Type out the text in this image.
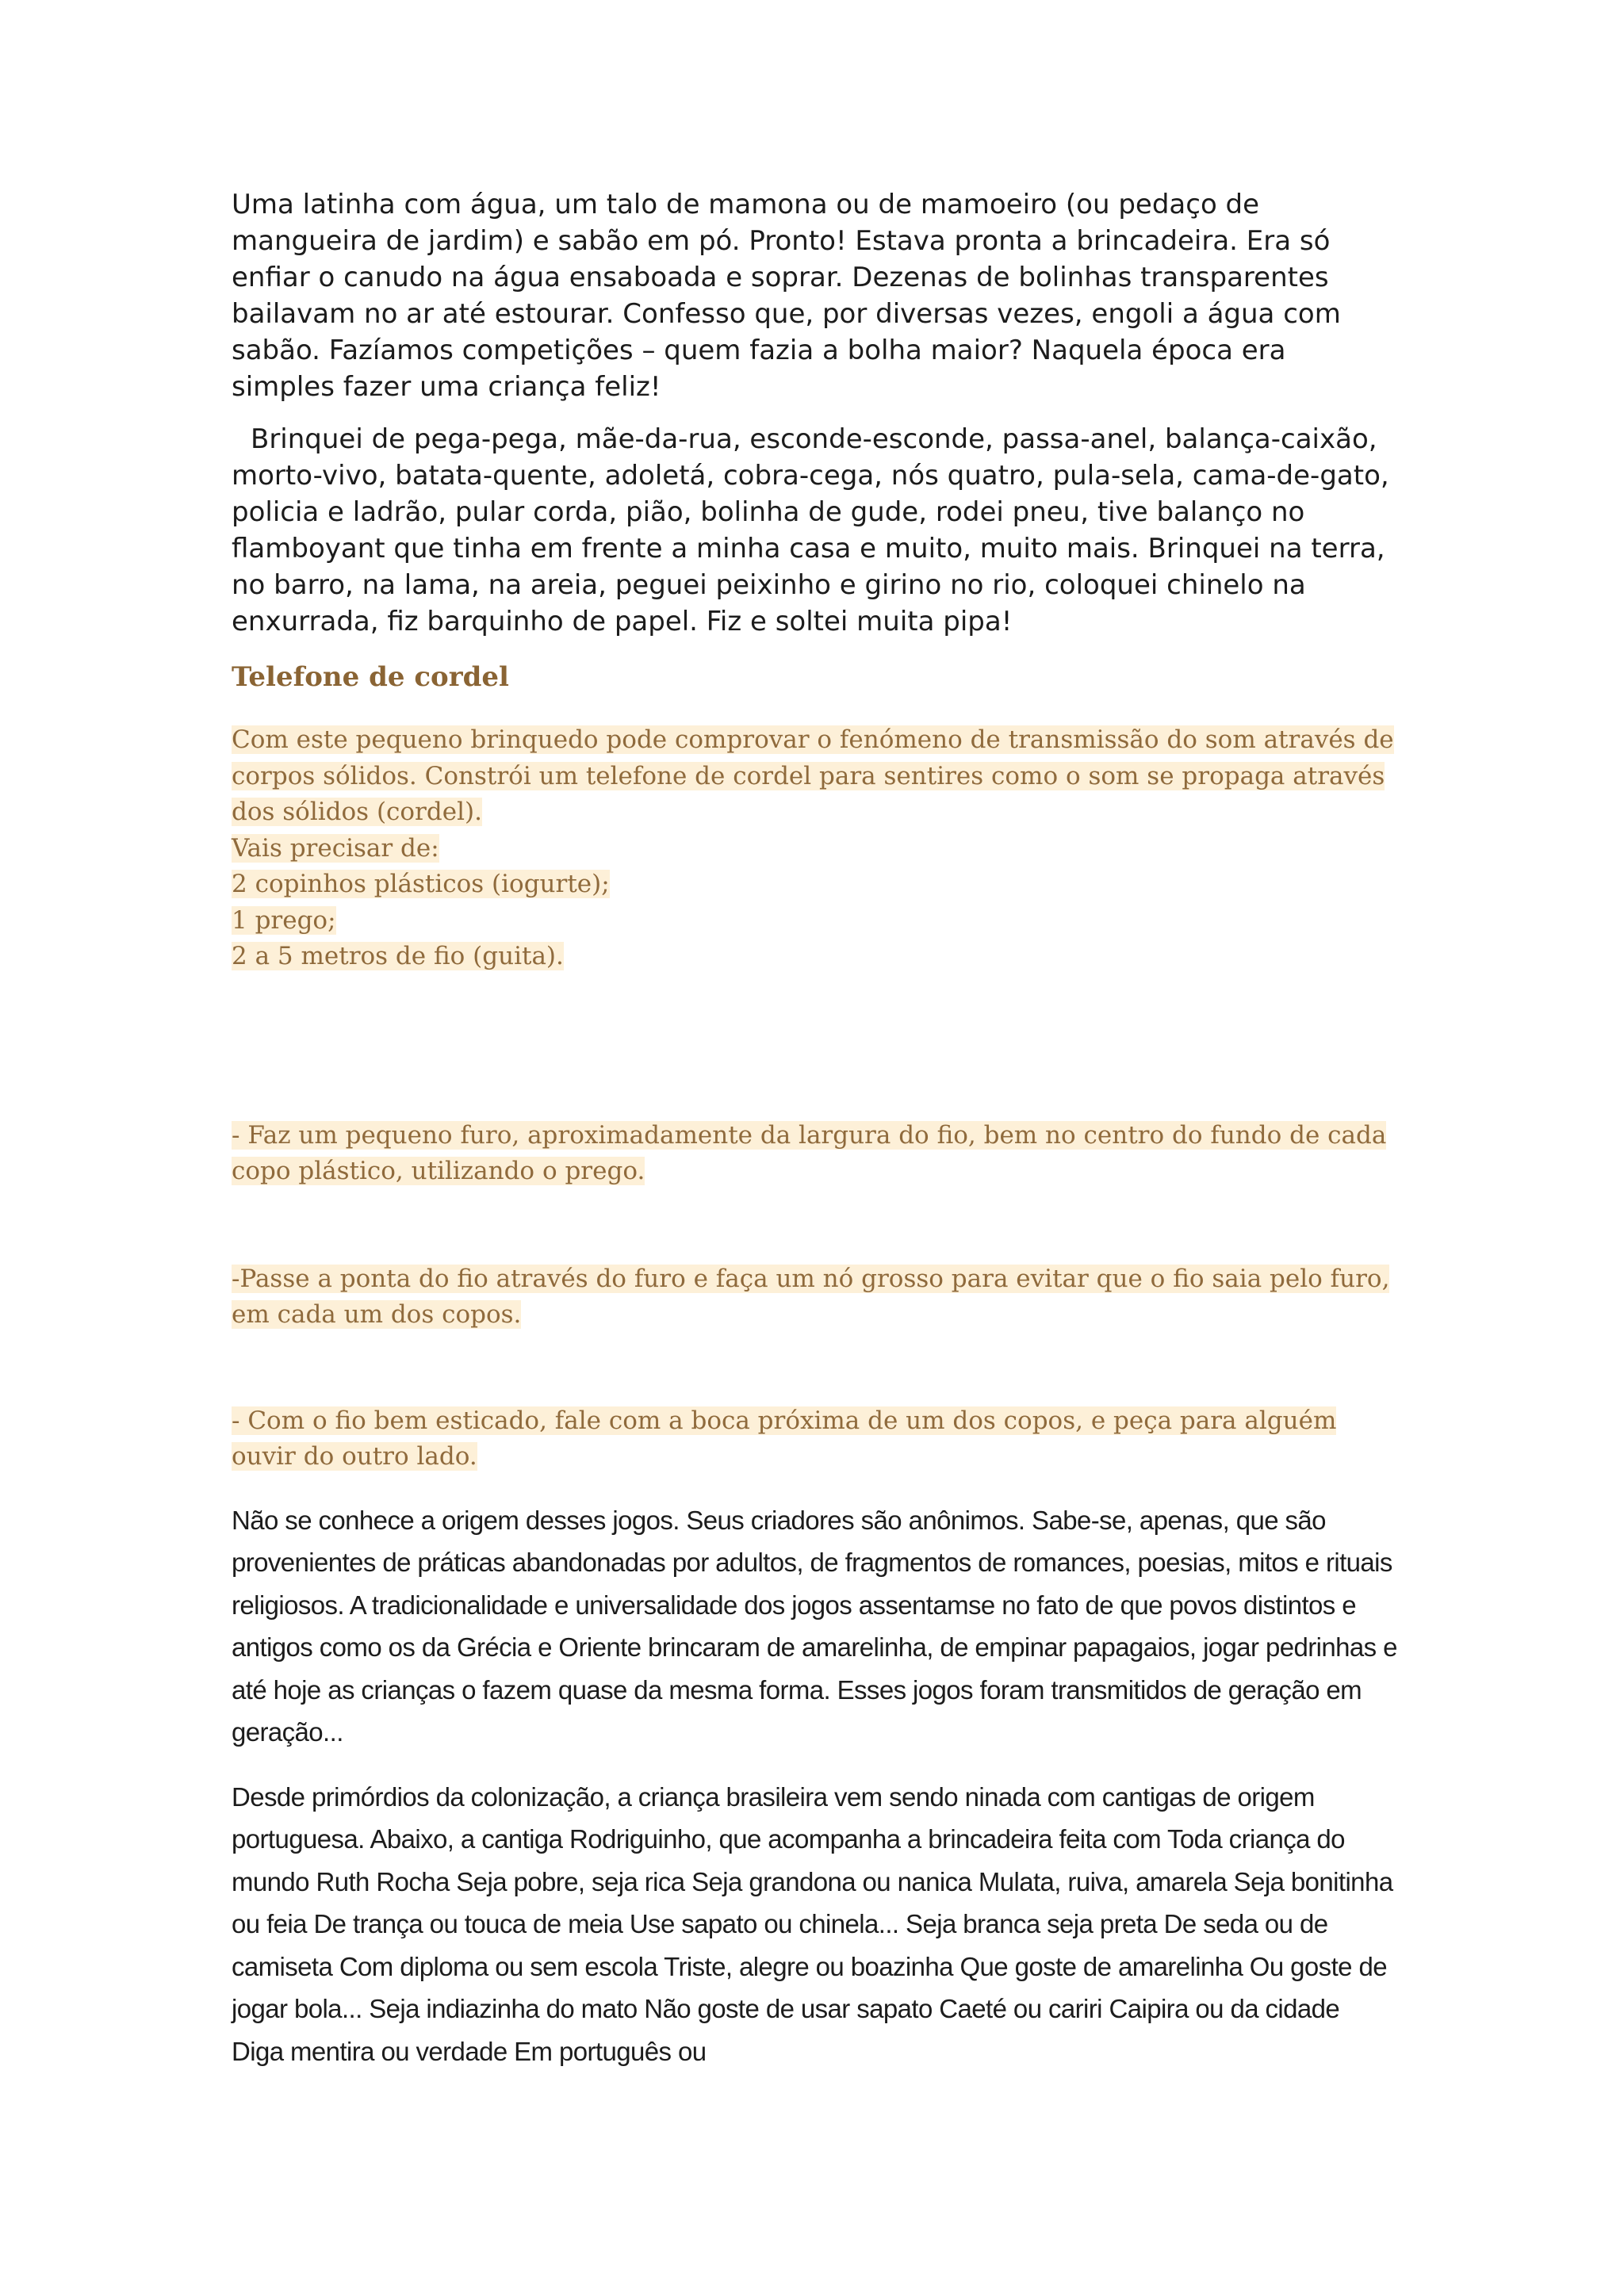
Uma latinha com água, um talo de mamona ou de mamoeiro (ou pedaço de mangueira de jardim) e sabão em pó. Pronto! Estava pronta a brincadeira. Era só enfiar o canudo na água ensaboada e soprar. Dezenas de bolinhas transparentes bailavam no ar até estourar. Confesso que, por diversas vezes, engoli a água com sabão. Fazíamos competições – quem fazia a bolha maior? Naquela época era simples fazer uma criança feliz!

Brinquei de pega-pega, mãe-da-rua, esconde-esconde, passa-anel, balança-caixão, morto-vivo, batata-quente, adoletá, cobra-cega, nós quatro, pula-sela, cama-de-gato, policia e ladrão, pular corda, pião, bolinha de gude, rodei pneu, tive balanço no flamboyant que tinha em frente a minha casa e muito, muito mais. Brinquei na terra, no barro, na lama, na areia, peguei peixinho e girino no rio, coloquei chinelo na enxurrada, fiz barquinho de papel. Fiz e soltei muita pipa!

Telefone de cordel

Com este pequeno brinquedo pode comprovar o fenómeno de transmissão do som através de corpos sólidos. Constrói um telefone de cordel para sentires como o som se propaga através dos sólidos (cordel).

Vais precisar de:

2 copinhos plásticos (iogurte);

1 prego;

2 a 5 metros de fio (guita).

- Faz um pequeno furo, aproximadamente da largura do fio, bem no centro do fundo de cada copo plástico, utilizando o prego.

-Passe a ponta do fio através do furo e faça um nó grosso para evitar que o fio saia pelo furo, em cada um dos copos.

- Com o fio bem esticado, fale com a boca próxima de um dos copos, e peça para alguém ouvir do outro lado.

Não se conhece a origem desses jogos. Seus criadores são anônimos. Sabe-se, apenas, que são provenientes de práticas abandonadas por adultos, de fragmentos de romances, poesias, mitos e rituais religiosos. A tradicionalidade e universalidade dos jogos assentamse no fato de que povos distintos e antigos como os da Grécia e Oriente brincaram de amarelinha, de empinar papagaios, jogar pedrinhas e até hoje as crianças o fazem quase da mesma forma. Esses jogos foram transmitidos de geração em geração...

Desde primórdios da colonização, a criança brasileira vem sendo ninada com cantigas de origem portuguesa. Abaixo, a cantiga Rodriguinho, que acompanha a brincadeira feita com Toda criança do mundo Ruth Rocha Seja pobre, seja rica Seja grandona ou nanica Mulata, ruiva, amarela Seja bonitinha ou feia De trança ou touca de meia Use sapato ou chinela... Seja branca seja preta De seda ou de camiseta Com diploma ou sem escola Triste, alegre ou boazinha Que goste de amarelinha Ou goste de jogar bola... Seja indiazinha do mato Não goste de usar sapato Caeté ou cariri Caipira ou da cidade Diga mentira ou verdade Em português ou
